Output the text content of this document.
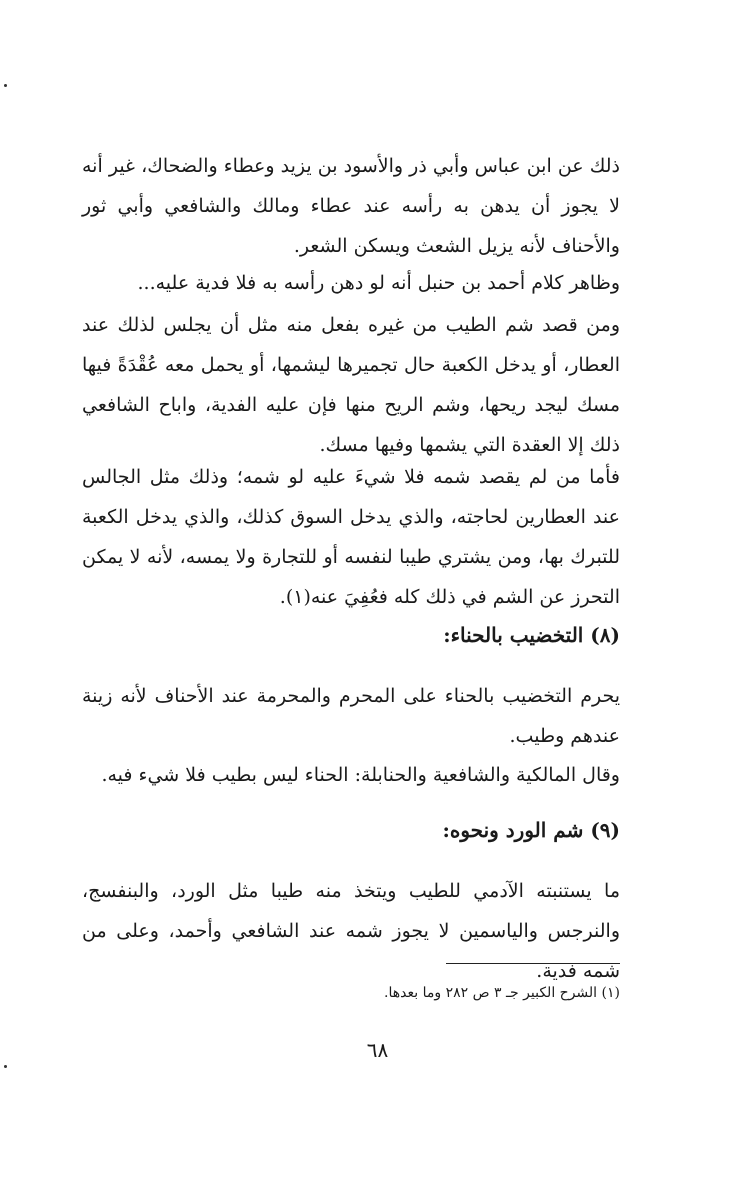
ذلك عن ابن عباس وأبي ذر والأسود بن يزيد وعطاء والضحاك، غير أنه لا يجوز أن يدهن به رأسه عند عطاء ومالك والشافعي وأبي ثور والأحناف لأنه يزيل الشعث ويسكن الشعر.

وظاهر كلام أحمد بن حنبل أنه لو دهن رأسه به فلا فدية عليه...

ومن قصد شم الطيب من غيره بفعل منه مثل أن يجلس لذلك عند العطار، أو يدخل الكعبة حال تجميرها ليشمها، أو يحمل معه عُقْدَةً فيها مسك ليجد ريحها، وشم الريح منها فإن عليه الفدية، واباح الشافعي ذلك إلا العقدة التي يشمها وفيها مسك.

فأما من لم يقصد شمه فلا شيءَ عليه لو شمه؛ وذلك مثل الجالس عند العطارين لحاجته، والذي يدخل السوق كذلك، والذي يدخل الكعبة للتبرك بها، ومن يشتري طيبا لنفسه أو للتجارة ولا يمسه، لأنه لا يمكن التحرز عن الشم في ذلك كله فعُفِيَ عنه(١).

(٨) التخضيب بالحناء:

يحرم التخضيب بالحناء على المحرم والمحرمة عند الأحناف لأنه زينة عندهم وطيب.

وقال المالكية والشافعية والحنابلة: الحناء ليس بطيب فلا شيء فيه.

(٩) شم الورد ونحوه:

ما يستنبته الآدمي للطيب ويتخذ منه طيبا مثل الورد، والبنفسج، والنرجس والياسمين لا يجوز شمه عند الشافعي وأحمد، وعلى من شمه فدية.

(١) الشرح الكبير جـ ٣ ص ٢٨٢ وما بعدها.

٦٨
